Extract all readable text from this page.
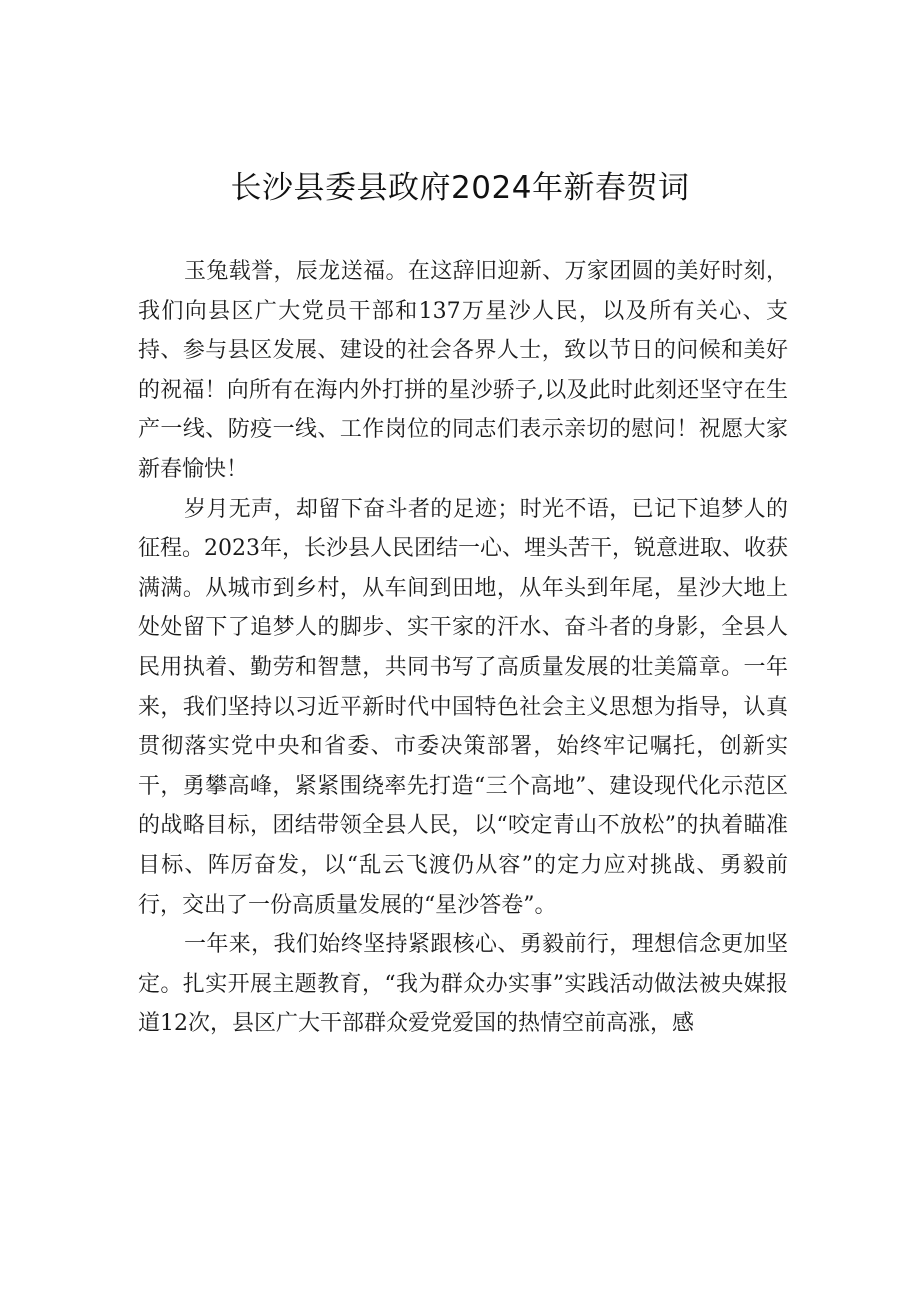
长沙县委县政府2024年新春贺词

玉兔载誉，辰龙送福。在这辞旧迎新、万家团圆的美好时刻，我们向县区广大党员干部和137万星沙人民，以及所有关心、支持、参与县区发展、建设的社会各界人士，致以节日的问候和美好的祝福！向所有在海内外打拼的星沙骄子,以及此时此刻还坚守在生产一线、防疫一线、工作岗位的同志们表示亲切的慰问！祝愿大家新春愉快！

岁月无声，却留下奋斗者的足迹；时光不语，已记下追梦人的征程。2023年，长沙县人民团结一心、埋头苦干，锐意进取、收获满满。从城市到乡村，从车间到田地，从年头到年尾，星沙大地上处处留下了追梦人的脚步、实干家的汗水、奋斗者的身影，全县人民用执着、勤劳和智慧，共同书写了高质量发展的壮美篇章。一年来，我们坚持以习近平新时代中国特色社会主义思想为指导，认真贯彻落实党中央和省委、市委决策部署，始终牢记嘱托，创新实干，勇攀高峰，紧紧围绕率先打造“三个高地”、建设现代化示范区的战略目标，团结带领全县人民，以“咬定青山不放松”的执着瞄准目标、阵厉奋发，以“乱云飞渡仍从容”的定力应对挑战、勇毅前行，交出了一份高质量发展的“星沙答卷”。

一年来，我们始终坚持紧跟核心、勇毅前行，理想信念更加坚定。扎实开展主题教育，“我为群众办实事”实践活动做法被央媒报道12次，县区广大干部群众爱党爱国的热情空前高涨，感
